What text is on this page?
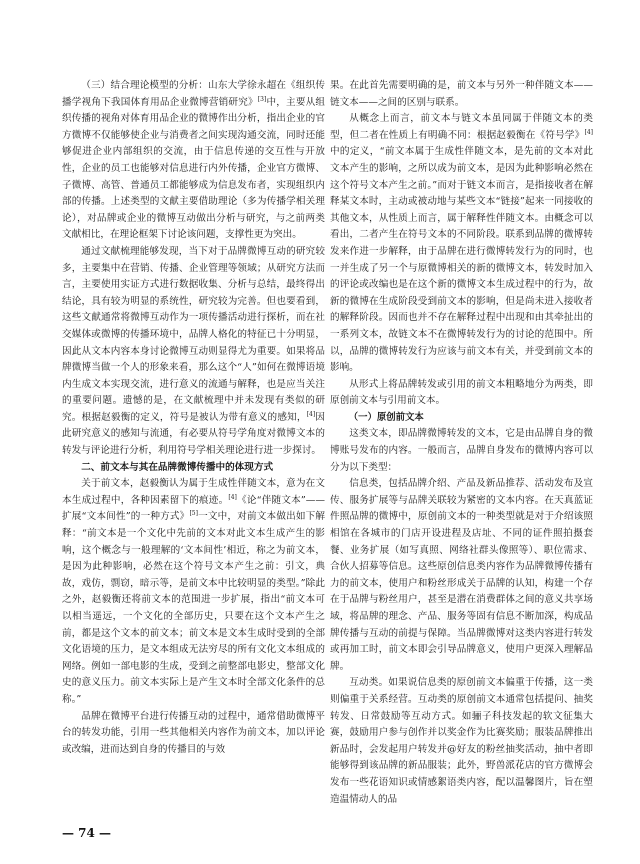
（三）结合理论模型的分析：山东大学徐永超在《组织传播学视角下我国体育用品企业微博营销研究》[3]中，主要从组织传播的视角对体育用品企业的微博作出分析，指出企业的官方微博不仅能够使企业与消费者之间实现沟通交流，同时还能够促进企业内部组织的交流，由于信息传递的交互性与开放性，企业的员工也能够对信息进行内外传播，企业官方微博、子微博、高管、普通员工都能够成为信息发布者，实现组织内部的传播。上述类型的文献主要借助理论（多为传播学相关理论），对品牌或企业的微博互动做出分析与研究，与之前两类文献相比，在理论框架下讨论该问题，支撑性更为突出。

通过文献梳理能够发现，当下对于品牌微博互动的研究较多，主要集中在营销、传播、企业管理等领域；从研究方法而言，主要使用实证方式进行数据收集、分析与总结，最终得出结论，具有较为明显的系统性，研究较为完善。但也要看到，这些文献通常将微博互动作为一项传播活动进行探析，而在社交媒体或微博的传播环境中，品牌人格化的特征已十分明显，因此从文本内容本身讨论微博互动则显得尤为重要。如果将品牌微博当做一个人的形象来看，那么这个“人”如何在微博语境内生成文本实现交流，进行意义的流通与解释，也是应当关注的重要问题。遗憾的是，在文献梳理中并未发现有类似的研究。根据赵毅衡的定义，符号是被认为带有意义的感知，[4]因此研究意义的感知与流通，有必要从符号学角度对微博文本的转发与评论进行分析，利用符号学相关理论进行进一步探讨。

二、前文本与其在品牌微博传播中的体现方式

关于前文本，赵毅衡认为属于生成性伴随文本，意为在文本生成过程中，各种因素留下的痕迹。[4]《论“伴随文本”——扩展“文本间性”的一种方式》[5]一文中，对前文本做出如下解释：“前文本是一个文化中先前的文本对此文本生成产生的影响，这个概念与一般理解的‘文本间性’相近，称之为前文本，是因为此种影响，必然在这个符号文本产生之前：引文，典故，戏仿，剽窃，暗示等，是前文本中比较明显的类型。”除此之外，赵毅衡还将前文本的范围进一步扩展，指出“前文本可以相当遥远，一个文化的全部历史，只要在这个文本产生之前，都是这个文本的前文本；前文本是文本生成时受到的全部文化语境的压力，是文本组成无法穷尽的所有文化文本组成的网络。例如一部电影的生成，受到之前整部电影史，整部文化史的意义压力。前文本实际上是产生文本时全部文化条件的总称。”

品牌在微博平台进行传播互动的过程中，通常借助微博平台的转发功能，引用一些其他相关内容作为前文本，加以评论或改编，进而达到自身的传播目的与效

果。在此首先需要明确的是，前文本与另外一种伴随文本——链文本——之间的区别与联系。

从概念上而言，前文本与链文本虽同属于伴随文本的类型，但二者在性质上有明确不同：根据赵毅衡在《符号学》[4]中的定义，“前文本属于生成性伴随文本，是先前的文本对此文本产生的影响，之所以成为前文本，是因为此种影响必然在这个符号文本产生之前。”而对于链文本而言，是指接收者在解释某文本时，主动或被动地与某些文本“链接”起来一同接收的其他文本，从性质上而言，属于解释性伴随文本。由概念可以看出，二者产生在符号文本的不同阶段。联系到品牌的微博转发来作进一步解释，由于品牌在进行微博转发行为的同时，也一并生成了另一个与原微博相关的新的微博文本，转发时加入的评论或改编也是在这个新的微博文本生成过程中的行为，故新的微博在生成阶段受到前文本的影响，但是尚未进入接收者的解释阶段。因而也并不存在解释过程中出现和由其牵扯出的一系列文本，故链文本不在微博转发行为的讨论的范围中。所以，品牌的微博转发行为应该与前文本有关，并受到前文本的影响。

从形式上将品牌转发或引用的前文本粗略地分为两类，即原创前文本与引用前文本。

（一）原创前文本

这类文本，即品牌微博转发的文本，它是由品牌自身的微博账号发布的内容。一般而言，品牌自身发布的微博内容可以分为以下类型：

信息类，包括品牌介绍、产品及新品推荐、活动发布及宣传、服务扩展等与品牌关联较为紧密的文本内容。在天真蓝证件照品牌的微博中，原创前文本的一种类型就是对于介绍该照相馆在各城市的门店开设进程及店址、不同的证件照拍摄套餐、业务扩展（如写真照、网络社群头像照等）、职位需求、合伙人招募等信息。这些原创信息类内容作为品牌微博传播有力的前文本，使用户和粉丝形成关于品牌的认知，构建一个存在于品牌与粉丝用户，甚至是潜在消费群体之间的意义共享场域，将品牌的理念、产品、服务等固有信息不断加深，构成品牌传播与互动的前提与保障。当品牌微博对这类内容进行转发或再加工时，前文本即会引导品牌意义，使用户更深入理解品牌。

互动类。如果说信息类的原创前文本偏重于传播，这一类则偏重于关系经营。互动类的原创前文本通常包括提问、抽奖转发、日常鼓励等互动方式。如骊子科技发起的软文征集大赛，鼓励用户参与创作并以奖金作为比赛奖励；服装品牌推出新品时，会发起用户转发并@好友的粉丝抽奖活动，抽中者即能够得到该品牌的新品服装；此外，野兽派花店的官方微博会发布一些花语知识或情感絮语类内容，配以温馨图片，旨在塑造温情动人的品

— 74 —
